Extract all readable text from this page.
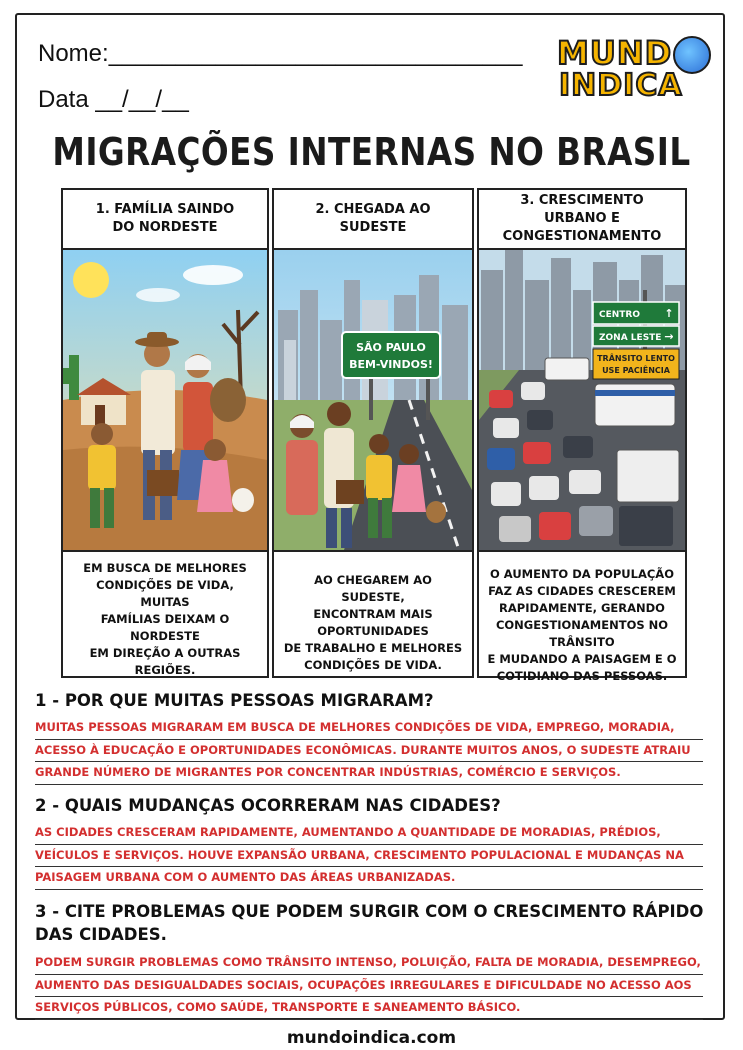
Nome:_______________________________
Data __/__/__
MUND
INDICA
MIGRAÇÕES INTERNAS NO BRASIL
1. FAMÍLIA SAINDO
DO NORDESTE
EM BUSCA DE MELHORES
CONDIÇÕES DE VIDA, MUITAS
FAMÍLIAS DEIXAM O NORDESTE
EM DIREÇÃO A OUTRAS REGIÕES.
2. CHEGADA AO SUDESTE
SÃO PAULO
BEM-VINDOS!
AO CHEGAREM AO SUDESTE,
ENCONTRAM MAIS OPORTUNIDADES
DE TRABALHO E MELHORES
CONDIÇÕES DE VIDA.
3. CRESCIMENTO URBANO E
CONGESTIONAMENTO
CENTRO ↑
ZONA LESTE →
TRÂNSITO LENTO
USE PACIÊNCIA
O AUMENTO DA POPULAÇÃO
FAZ AS CIDADES CRESCEREM
RAPIDAMENTE, GERANDO
CONGESTIONAMENTOS NO TRÂNSITO
E MUDANDO A PAISAGEM E O
COTIDIANO DAS PESSOAS.
1 - POR QUE MUITAS PESSOAS MIGRARAM?
MUITAS PESSOAS MIGRARAM EM BUSCA DE MELHORES CONDIÇÕES DE VIDA, EMPREGO, MORADIA,
ACESSO À EDUCAÇÃO E OPORTUNIDADES ECONÔMICAS. DURANTE MUITOS ANOS, O SUDESTE ATRAIU
GRANDE NÚMERO DE MIGRANTES POR CONCENTRAR INDÚSTRIAS, COMÉRCIO E SERVIÇOS.
2 - QUAIS MUDANÇAS OCORRERAM NAS CIDADES?
AS CIDADES CRESCERAM RAPIDAMENTE, AUMENTANDO A QUANTIDADE DE MORADIAS, PRÉDIOS,
VEÍCULOS E SERVIÇOS. HOUVE EXPANSÃO URBANA, CRESCIMENTO POPULACIONAL E MUDANÇAS NA
PAISAGEM URBANA COM O AUMENTO DAS ÁREAS URBANIZADAS.
3 - CITE PROBLEMAS QUE PODEM SURGIR COM O CRESCIMENTO RÁPIDO
DAS CIDADES.
PODEM SURGIR PROBLEMAS COMO TRÂNSITO INTENSO, POLUIÇÃO, FALTA DE MORADIA, DESEMPREGO,
AUMENTO DAS DESIGUALDADES SOCIAIS, OCUPAÇÕES IRREGULARES E DIFICULDADE NO ACESSO AOS
SERVIÇOS PÚBLICOS, COMO SAÚDE, TRANSPORTE E SANEAMENTO BÁSICO.
mundoindica.com
